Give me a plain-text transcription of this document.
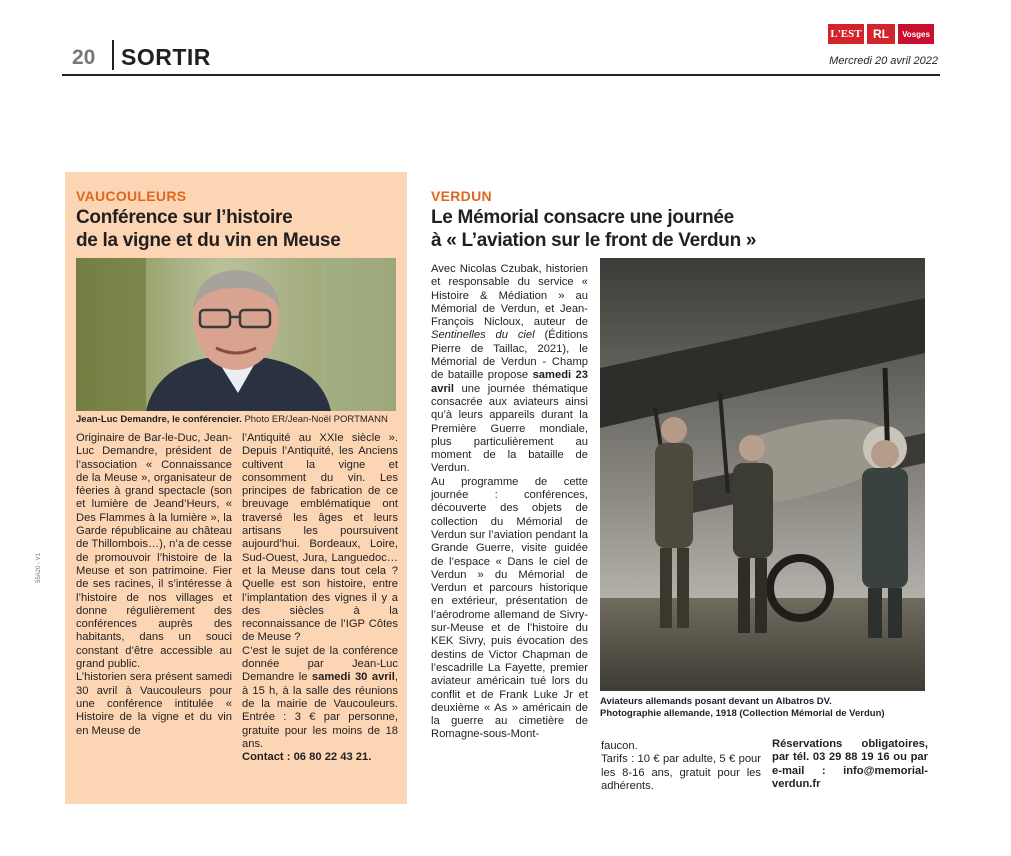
20 SORTIR
L'EST RL	Vosges
Mercredi 20 avril 2022
55A20 - V1
VAUCOULEURS
Conférence sur l’histoire
de la vigne et du vin en Meuse
Jean-Luc Demandre, le conférencier. Photo ER/Jean-Noël PORTMANN

Originaire de Bar-le-Duc, Jean-Luc Demandre, président de l’association « Connaissance de la Meuse », organisateur de féeries à grand spectacle (son et lumière de Jeand’Heurs, « Des Flammes à la lumière », la Garde républicaine au château de Thillombois…), n’a de cesse de promouvoir l’histoire de la Meuse et son patrimoine. Fier de ses racines, il s’intéresse à l’histoire de nos villages et donne régulièrement des conférences auprès des habitants, dans un souci constant d’être accessible au grand public.

L’historien sera présent samedi 30 avril à Vaucouleurs pour une conférence intitulée « Histoire de la vigne et du vin en Meuse de

l’Antiquité au XXIe siècle ». Depuis l’Antiquité, les Anciens cultivent la vigne et consomment du vin. Les principes de fabrication de ce breuvage emblématique ont traversé les âges et leurs artisans les poursuivent aujourd’hui. Bordeaux, Loire, Sud-Ouest, Jura, Languedoc… et la Meuse dans tout cela ? Quelle est son histoire, entre l’implantation des vignes il y a des siècles à la reconnaissance de l’IGP Côtes de Meuse ?

C’est le sujet de la conférence donnée par Jean-Luc Demandre le samedi 30 avril, à 15 h, à la salle des réunions de la mairie de Vaucouleurs. Entrée : 3 € par personne, gratuite pour les moins de 18 ans.

Contact : 06 80 22 43 21.

VERDUN
Le Mémorial consacre une journée
à « L’aviation sur le front de Verdun »

Avec Nicolas Czubak, historien et responsable du service « Histoire & Médiation » au Mémorial de Verdun, et Jean-François Nicloux, auteur de Sentinelles du ciel (Éditions Pierre de Taillac, 2021), le Mémorial de Verdun - Champ de bataille propose samedi 23 avril une journée thématique consacrée aux aviateurs ainsi qu’à leurs appareils durant la Première Guerre mondiale, plus particulièrement au moment de la bataille de Verdun.

Au programme de cette journée : conférences, découverte des objets de collection du Mémorial de Verdun sur l’aviation pendant la Grande Guerre, visite guidée de l’espace « Dans le ciel de Verdun » du Mémorial de Verdun et parcours historique en extérieur, présentation de l’aérodrome allemand de Sivry-sur-Meuse et de l’histoire du KEK Sivry, puis évocation des destins de Victor Chapman de l’escadrille La Fayette, premier aviateur américain tué lors du conflit et de Frank Luke Jr et deuxième « As » américain de la guerre au cimetière de Romagne-sous-Mont-

Aviateurs allemands posant devant un Albatros DV.
Photographie allemande, 1918 (Collection Mémorial de Verdun)

faucon.

Tarifs : 10 € par adulte, 5 € pour les 8-16 ans, gratuit pour les adhérents.

Réservations obligatoires, par tél. 03 29 88 19 16 ou par e-mail : info@memorial-verdun.fr
